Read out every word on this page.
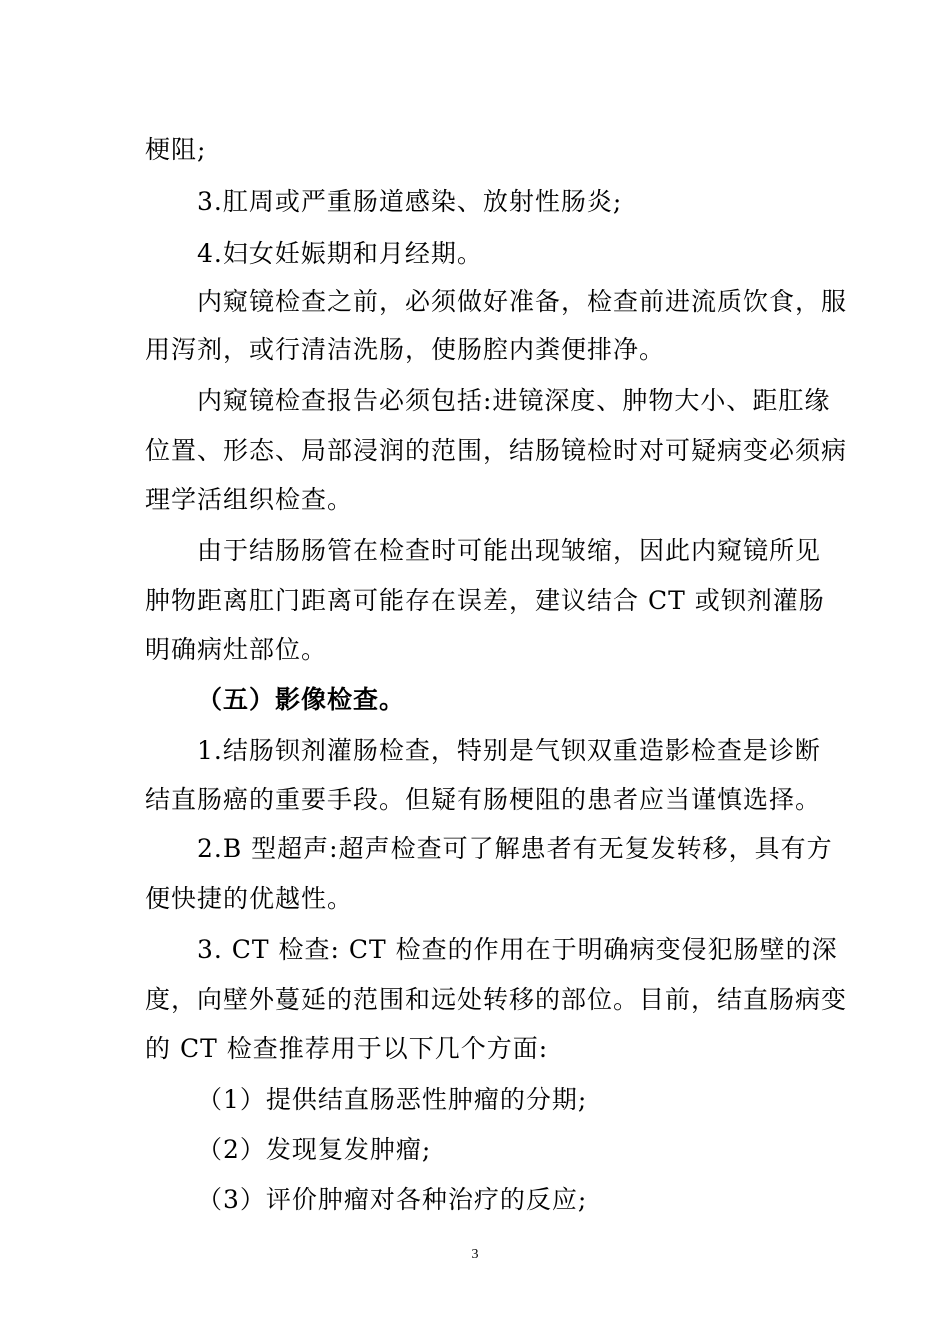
梗阻;
3.肛周或严重肠道感染、放射性肠炎;
4.妇女妊娠期和月经期。
内窥镜检查之前，必须做好准备，检查前进流质饮食，服
用泻剂，或行清洁洗肠，使肠腔内粪便排净。
内窥镜检查报告必须包括:进镜深度、肿物大小、距肛缘
位置、形态、局部浸润的范围，结肠镜检时对可疑病变必须病
理学活组织检查。
由于结肠肠管在检查时可能出现皱缩，因此内窥镜所见
肿物距离肛门距离可能存在误差，建议结合 CT 或钡剂灌肠
明确病灶部位。
（五）影像检查。
1.结肠钡剂灌肠检查，特别是气钡双重造影检查是诊断
结直肠癌的重要手段。但疑有肠梗阻的患者应当谨慎选择。
2.B 型超声:超声检查可了解患者有无复发转移，具有方
便快捷的优越性。
3. CT 检查: CT 检查的作用在于明确病变侵犯肠壁的深
度，向壁外蔓延的范围和远处转移的部位。目前，结直肠病变
的 CT 检查推荐用于以下几个方面:
（1）提供结直肠恶性肿瘤的分期;
（2）发现复发肿瘤;
（3）评价肿瘤对各种治疗的反应;
3
